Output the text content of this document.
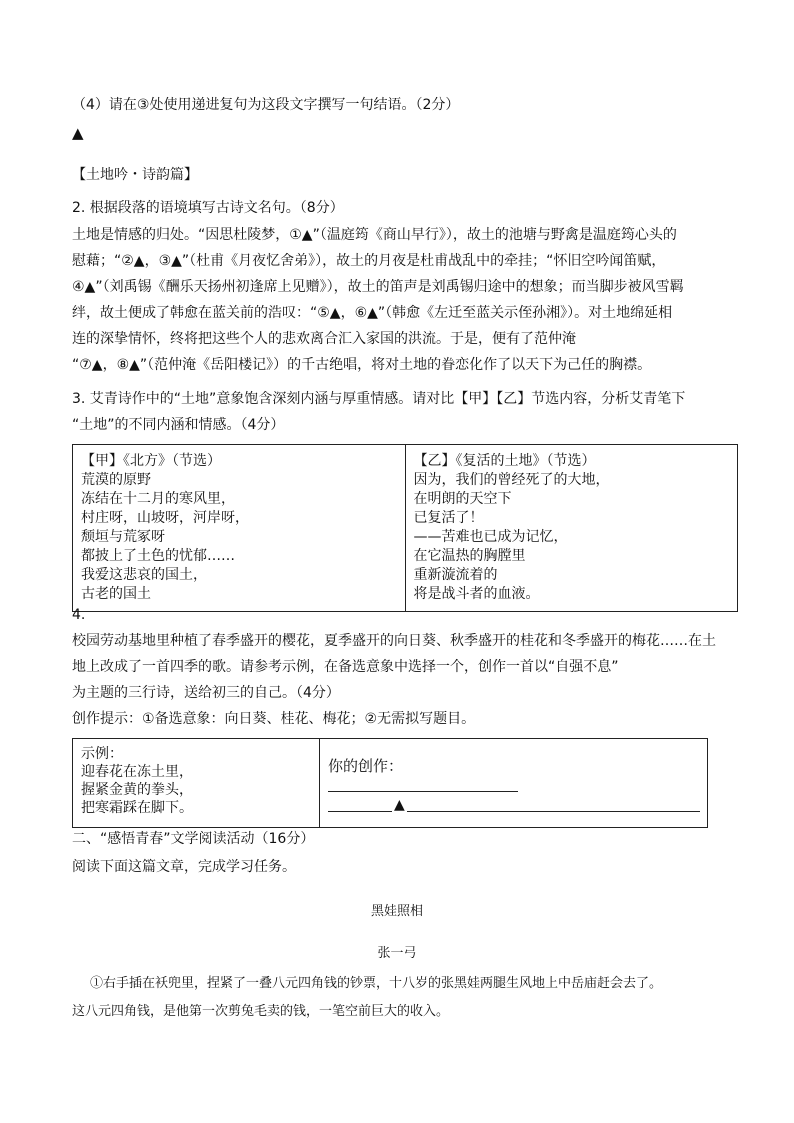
（4）请在③处使用递进复句为这段文字撰写一句结语。（2分）
▲
【土地吟・诗韵篇】
2. 根据段落的语境填写古诗文名句。（8分）
土地是情感的归处。“因思杜陵梦，①▲”（温庭筠《商山早行》），故土的池塘与野禽是温庭筠心头的
慰藉；“②▲，③▲”（杜甫《月夜忆舍弟》），故土的月夜是杜甫战乱中的牵挂；“怀旧空吟闻笛赋，
④▲”（刘禹锡《酬乐天扬州初逢席上见赠》），故土的笛声是刘禹锡归途中的想象；而当脚步被风雪羁
绊，故土便成了韩愈在蓝关前的浩叹：“⑤▲，⑥▲”（韩愈《左迁至蓝关示侄孙湘》）。对土地绵延相
连的深挚情怀，终将把这些个人的悲欢离合汇入家国的洪流。于是，便有了范仲淹
“⑦▲，⑧▲”（范仲淹《岳阳楼记》）的千古绝唱，将对土地的眷恋化作了以天下为己任的胸襟。
3. 艾青诗作中的“土地”意象饱含深刻内涵与厚重情感。请对比【甲】【乙】节选内容，分析艾青笔下
“土地”的不同内涵和情感。（4分）
【甲】《北方》（节选）
荒漠的原野
冻结在十二月的寒风里，
村庄呀，山坡呀，河岸呀，
颓垣与荒冢呀
都披上了土色的忧郁……
我爱这悲哀的国土，
古老的国土

【乙】《复活的土地》（节选）
因为，我们的曾经死了的大地，
在明朗的天空下
已复活了！
——苦难也已成为记忆，
在它温热的胸膛里
重新漩流着的
将是战斗者的血液。
4.
校园劳动基地里种植了春季盛开的樱花，夏季盛开的向日葵、秋季盛开的桂花和冬季盛开的梅花……在土
地上改成了一首四季的歌。请参考示例，在备选意象中选择一个，创作一首以“自强不息”
为主题的三行诗，送给初三的自己。（4分）
创作提示：①备选意象：向日葵、桂花、梅花；②无需拟写题目。
示例：
迎春花在冻土里，
握紧金黄的拳头，
把寒霜踩在脚下。

你的创作：
▲
二、“感悟青春”文学阅读活动（16分）
阅读下面这篇文章，完成学习任务。
黑娃照相
张一弓
①右手插在袄兜里，捏紧了一叠八元四角钱的钞票，十八岁的张黑娃两腿生风地上中岳庙赶会去了。
这八元四角钱，是他第一次剪兔毛卖的钱，一笔空前巨大的收入。
